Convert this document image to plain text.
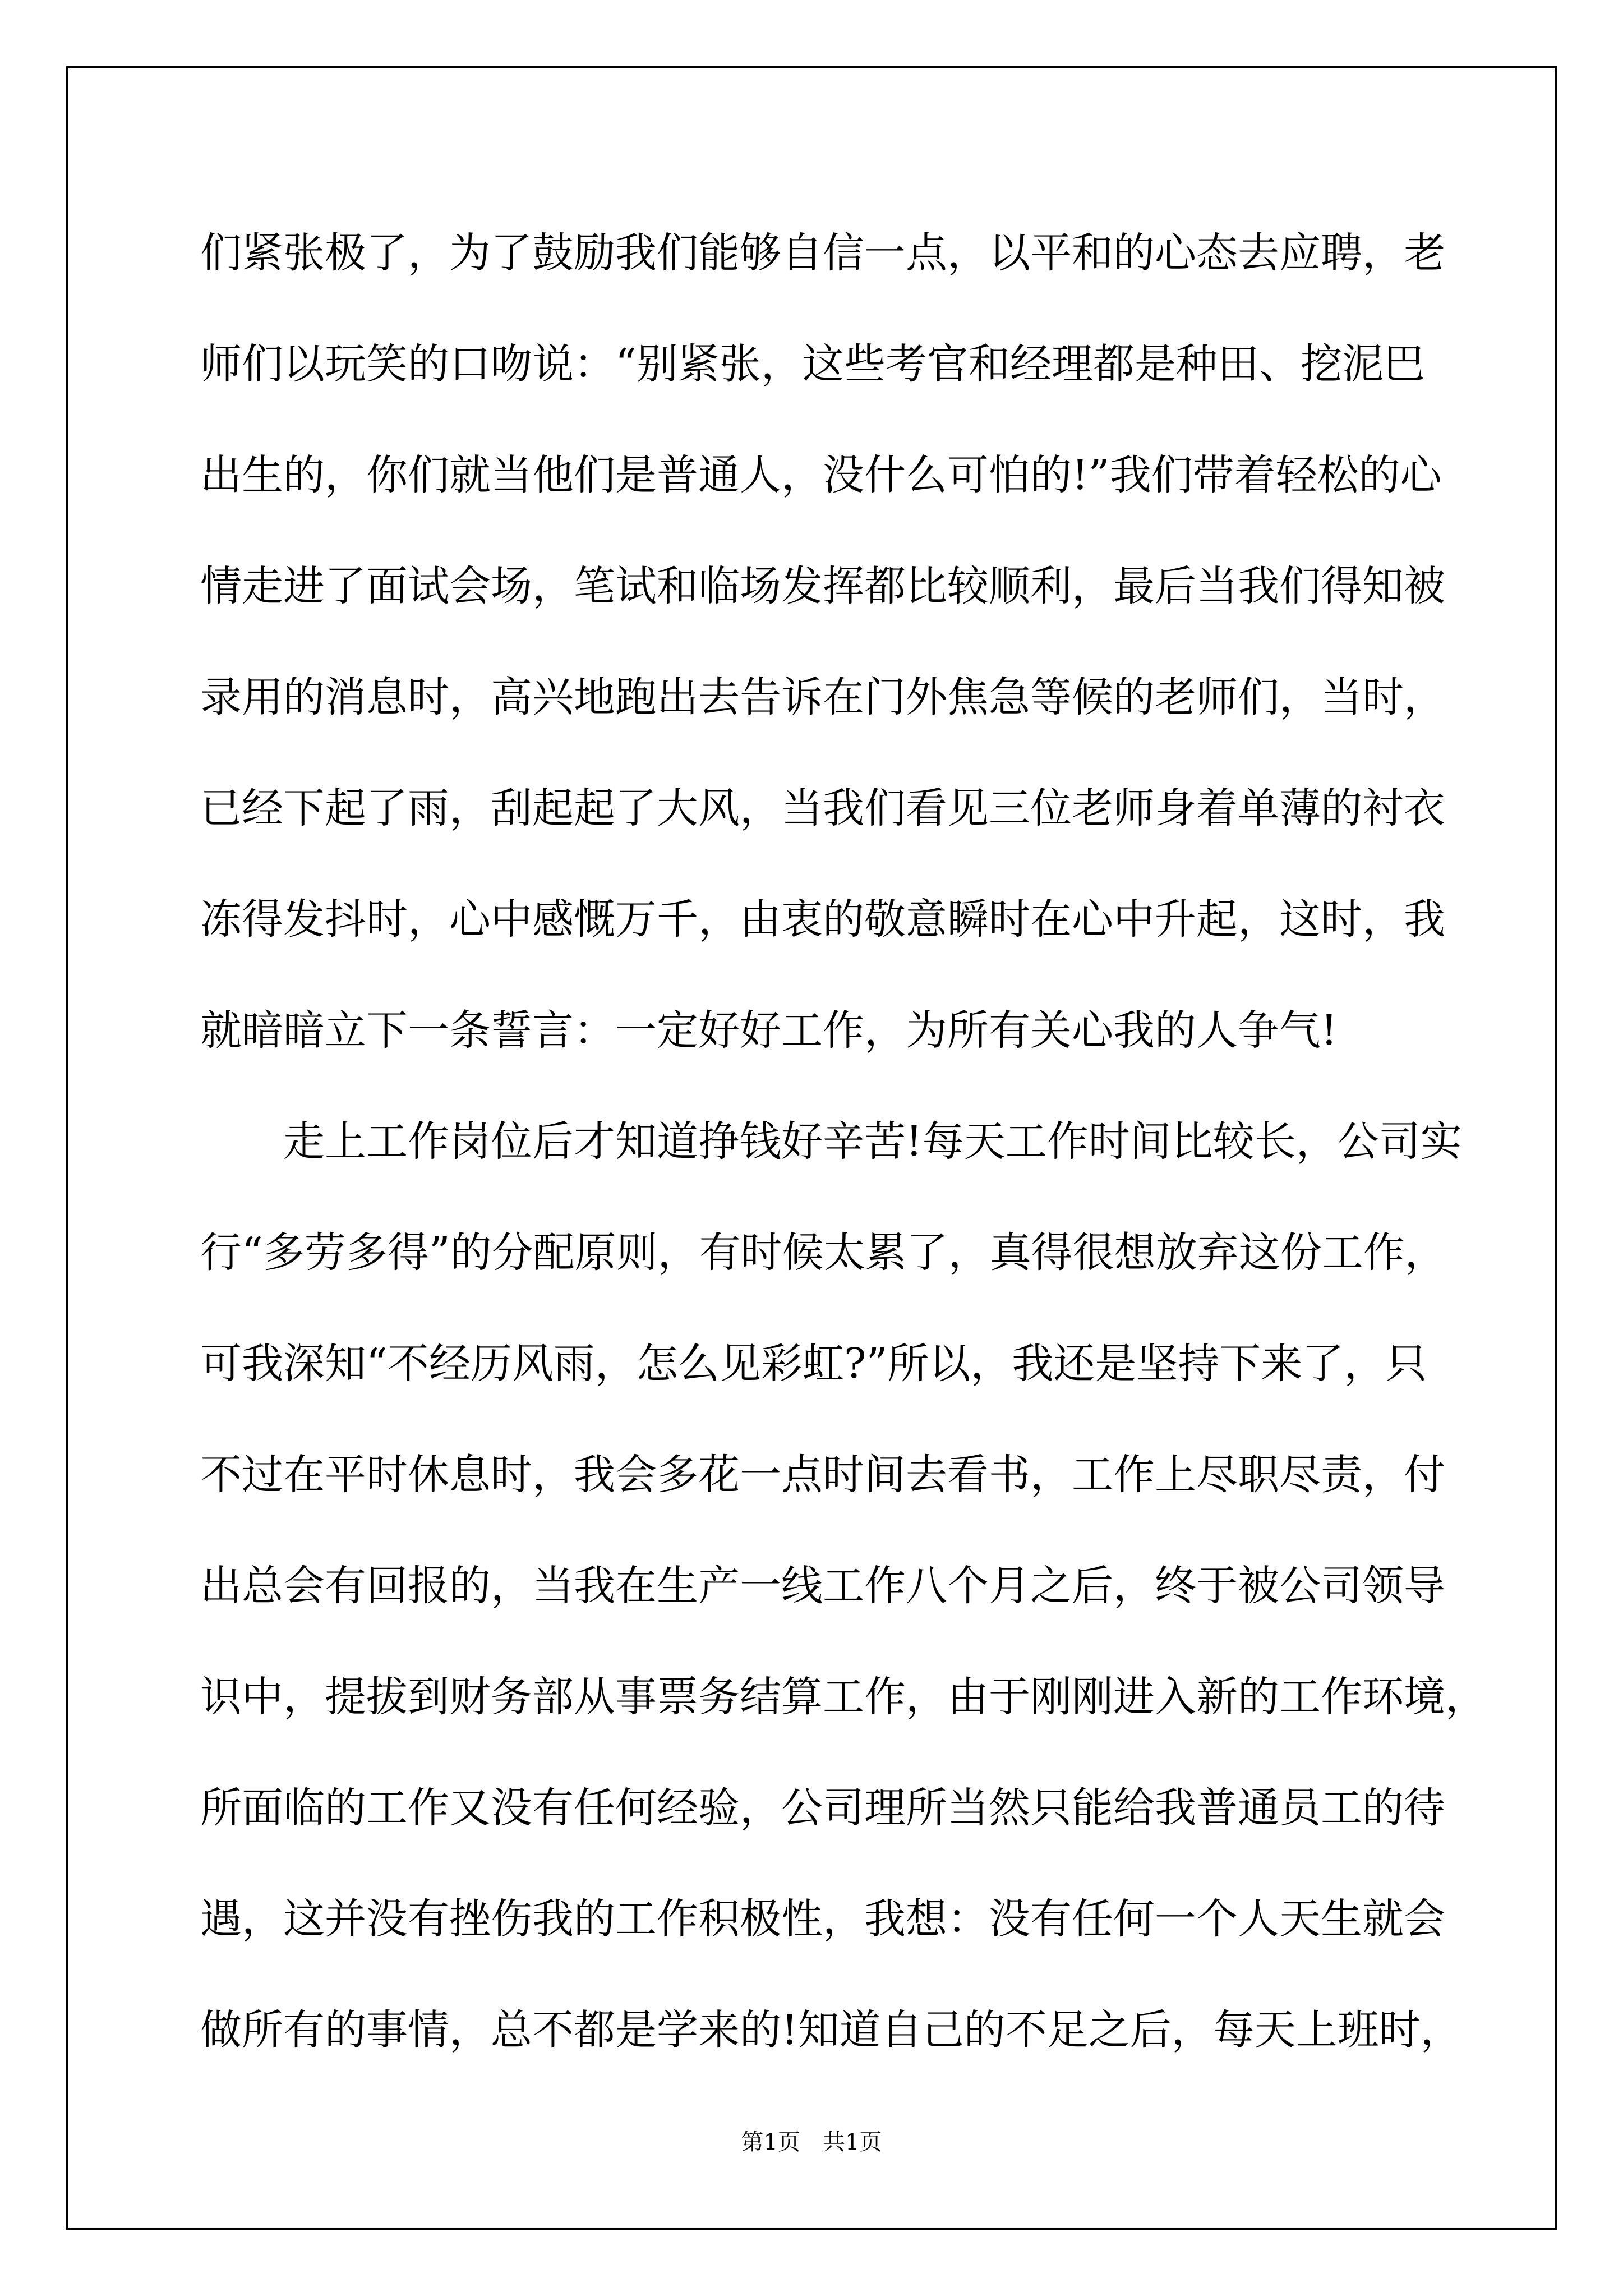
们紧张极了，为了鼓励我们能够自信一点，以平和的心态去应聘，老
师们以玩笑的口吻说：“别紧张，这些考官和经理都是种田、挖泥巴
出生的，你们就当他们是普通人，没什么可怕的!”我们带着轻松的心
情走进了面试会场，笔试和临场发挥都比较顺利，最后当我们得知被
录用的消息时，高兴地跑出去告诉在门外焦急等候的老师们，当时，
已经下起了雨，刮起起了大风，当我们看见三位老师身着单薄的衬衣
冻得发抖时，心中感慨万千，由衷的敬意瞬时在心中升起，这时，我
就暗暗立下一条誓言：一定好好工作，为所有关心我的人争气!
　　走上工作岗位后才知道挣钱好辛苦!每天工作时间比较长，公司实
行“多劳多得”的分配原则，有时候太累了，真得很想放弃这份工作，
可我深知“不经历风雨，怎么见彩虹?”所以，我还是坚持下来了，只
不过在平时休息时，我会多花一点时间去看书，工作上尽职尽责，付
出总会有回报的，当我在生产一线工作八个月之后，终于被公司领导
识中，提拔到财务部从事票务结算工作，由于刚刚进入新的工作环境，
所面临的工作又没有任何经验，公司理所当然只能给我普通员工的待
遇，这并没有挫伤我的工作积极性，我想：没有任何一个人天生就会
做所有的事情，总不都是学来的!知道自己的不足之后，每天上班时，
第1页　共1页
